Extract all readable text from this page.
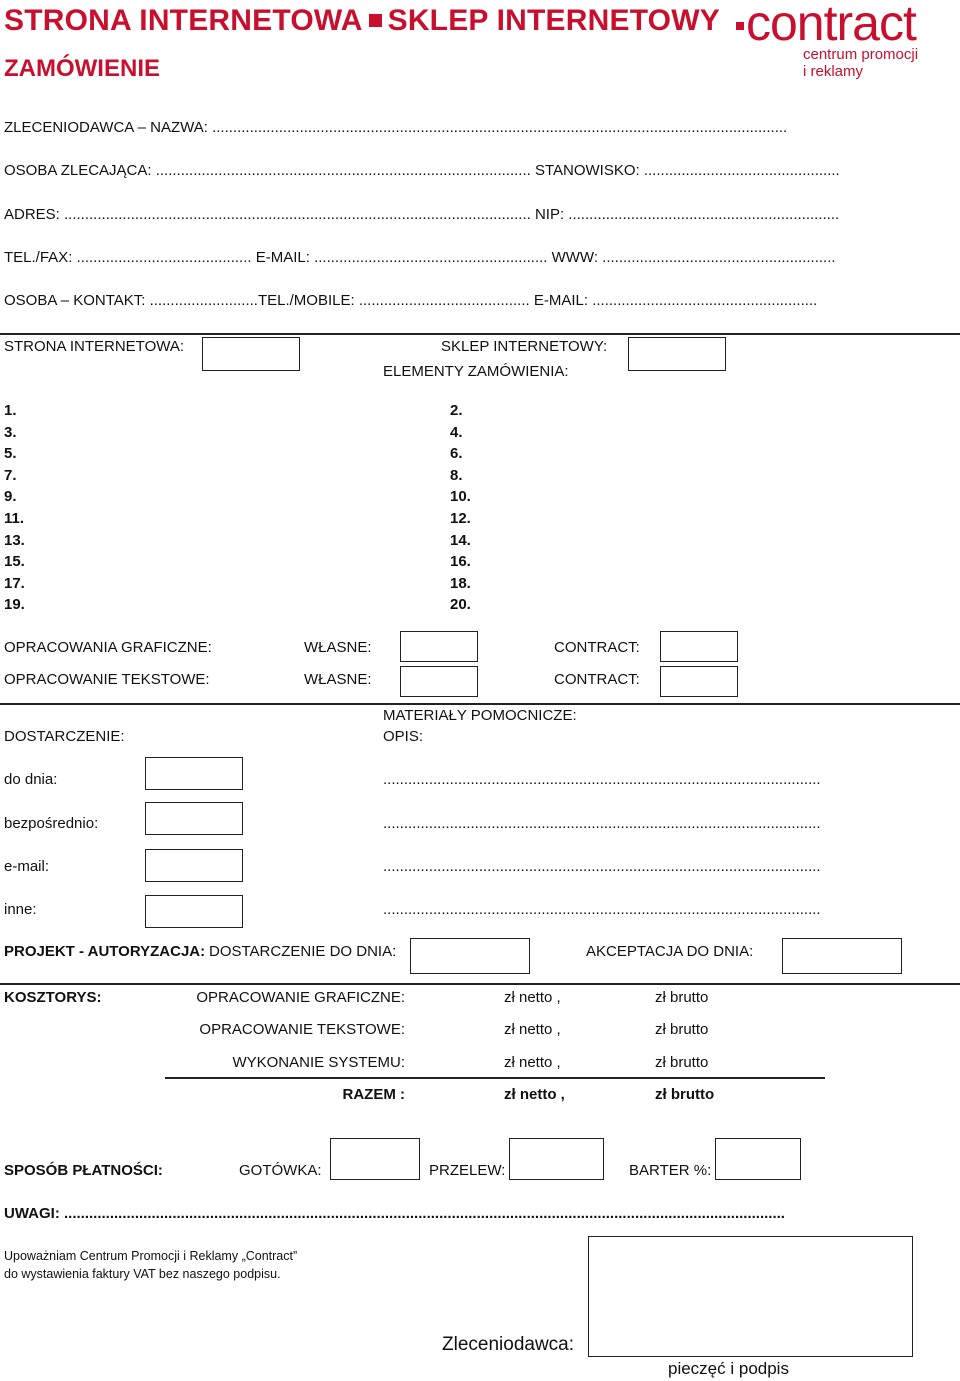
STRONA INTERNETOWA SKLEP INTERNETOWY
ZAMÓWIENIE
contract
centrum promocji
i reklamy
ZLECENIODAWCA – NAZWA: ..........................................................................................................................................
OSOBA ZLECAJĄCA: .......................................................................................... STANOWISKO: ...............................................
ADRES: ................................................................................................................ NIP: .................................................................
TEL./FAX: .......................................... E-MAIL: ........................................................ WWW: ........................................................
OSOBA – KONTAKT: ..........................TEL./MOBILE: ......................................... E-MAIL: ......................................................
STRONA INTERNETOWA:	SKLEP INTERNETOWY:
ELEMENTY ZAMÓWIENIA:
1.
3.
5.
7.
9.
11.
13.
15.
17.
19.
2.
4.
6.
8.
10.
12.
14.
16.
18.
20.
OPRACOWANIA GRAFICZNE:	WŁASNE:	CONTRACT:
OPRACOWANIE TEKSTOWE:	WŁASNE:	CONTRACT:
MATERIAŁY POMOCNICZE:
DOSTARCZENIE:	OPIS:
do dnia:	.........................................................................................................
bezpośrednio:	.........................................................................................................
e-mail:	.........................................................................................................
inne:	.........................................................................................................
PROJEKT - AUTORYZACJA: DOSTARCZENIE DO DNIA:	AKCEPTACJA DO DNIA:
KOSZTORYS:	OPRACOWANIE GRAFICZNE:	zł netto ,	zł brutto
OPRACOWANIE TEKSTOWE:	zł netto ,	zł brutto
WYKONANIE SYSTEMU:	zł netto ,	zł brutto
RAZEM :	zł netto ,	zł brutto
SPOSÓB PŁATNOŚCI:	GOTÓWKA:	PRZELEW:	BARTER %:
UWAGI: .............................................................................................................................................................................
Upoważniam Centrum Promocji i Reklamy „Contract”
do wystawienia faktury VAT bez naszego podpisu.
Zleceniodawca:
pieczęć i podpis
